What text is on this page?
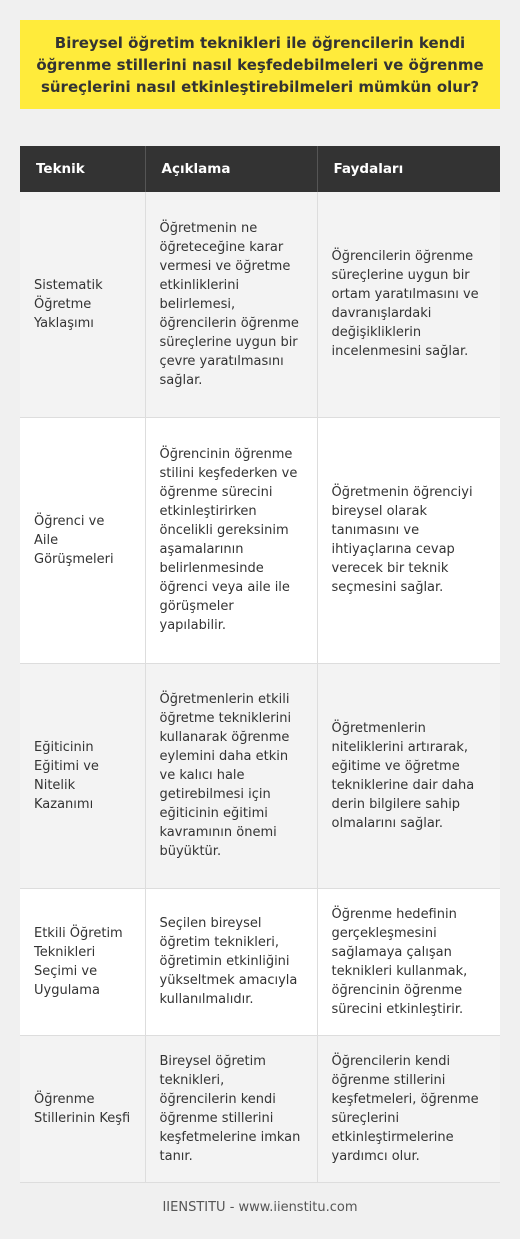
Bireysel öğretim teknikleri ile öğrencilerin kendi öğrenme stillerini nasıl keşfedebilmeleri ve öğrenme süreçlerini nasıl etkinleştirebilmeleri mümkün olur?
Teknik	Açıklama	Faydaları
Sistematik Öğretme Yaklaşımı	Öğretmenin ne öğreteceğine karar vermesi ve öğretme etkinliklerini belirlemesi, öğrencilerin öğrenme süreçlerine uygun bir çevre yaratılmasını sağlar.	Öğrencilerin öğrenme süreçlerine uygun bir ortam yaratılmasını ve davranışlardaki değişikliklerin incelenmesini sağlar.
Öğrenci ve Aile Görüşmeleri	Öğrencinin öğrenme stilini keşfederken ve öğrenme sürecini etkinleştirirken öncelikli gereksinim aşamalarının belirlenmesinde öğrenci veya aile ile görüşmeler yapılabilir.	Öğretmenin öğrenciyi bireysel olarak tanımasını ve ihtiyaçlarına cevap verecek bir teknik seçmesini sağlar.
Eğiticinin Eğitimi ve Nitelik Kazanımı	Öğretmenlerin etkili öğretme tekniklerini kullanarak öğrenme eylemini daha etkin ve kalıcı hale getirebilmesi için eğiticinin eğitimi kavramının önemi büyüktür.	Öğretmenlerin niteliklerini artırarak, eğitime ve öğretme tekniklerine dair daha derin bilgilere sahip olmalarını sağlar.
Etkili Öğretim Teknikleri Seçimi ve Uygulama	Seçilen bireysel öğretim teknikleri, öğretimin etkinliğini yükseltmek amacıyla kullanılmalıdır.	Öğrenme hedefinin gerçekleşmesini sağlamaya çalışan teknikleri kullanmak, öğrencinin öğrenme sürecini etkinleştirir.
Öğrenme Stillerinin Keşfi	Bireysel öğretim teknikleri, öğrencilerin kendi öğrenme stillerini keşfetmelerine imkan tanır.	Öğrencilerin kendi öğrenme stillerini keşfetmeleri, öğrenme süreçlerini etkinleştirmelerine yardımcı olur.
IIENSTITU - www.iienstitu.com
